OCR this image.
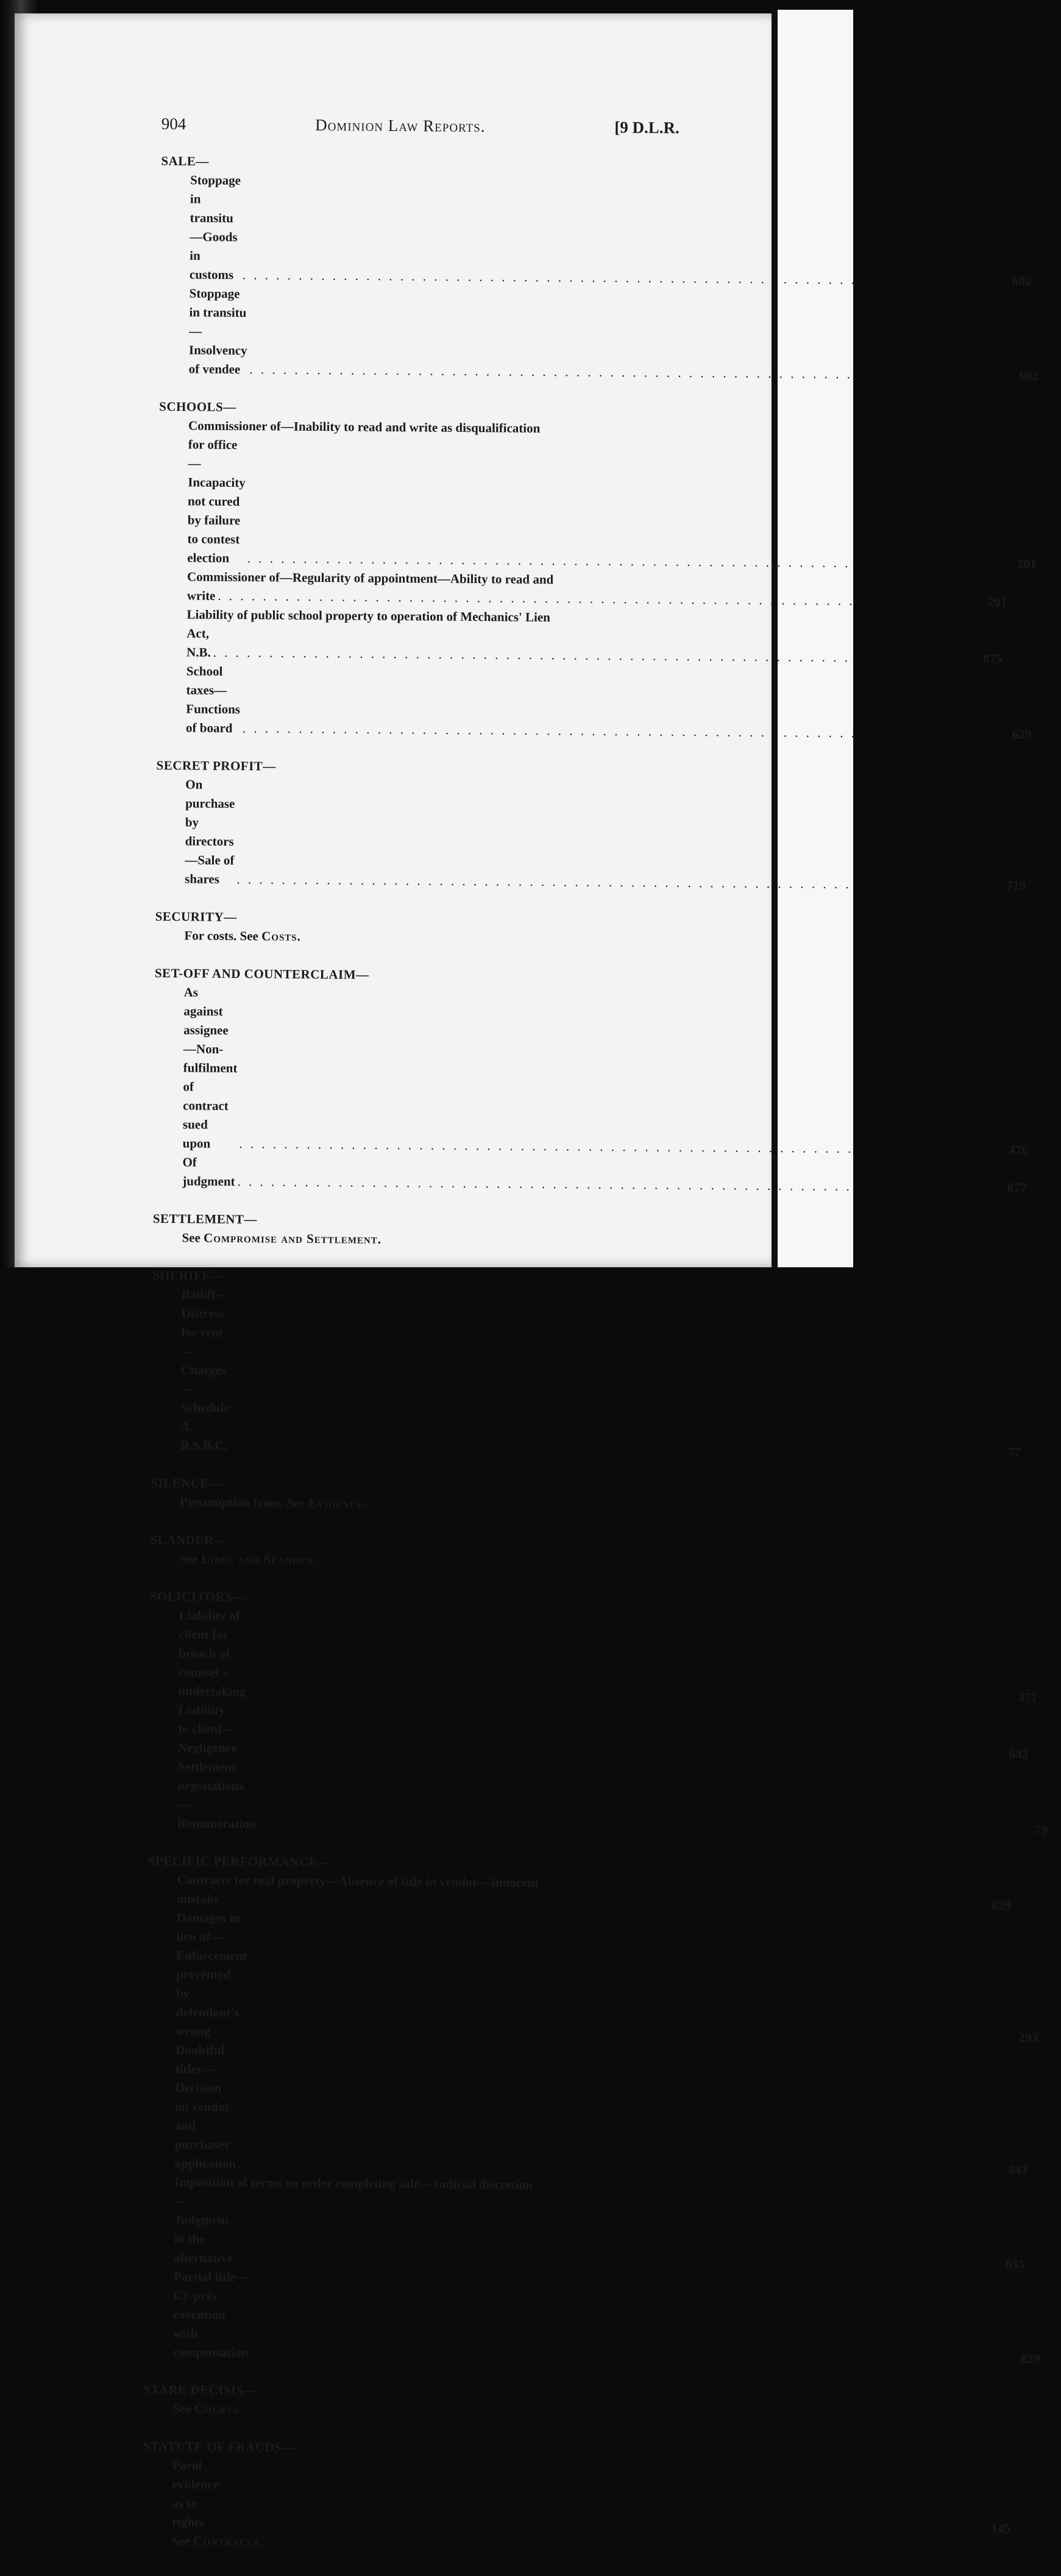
904	Dominion Law Reports.	[9 D.L.R.
SALE—
Stoppage in transitu—Goods in customs . . . . . . . . . . . . . . . . . . . . . . . . . . . . . . . . . . . . . . . . . . . . . . . . . . . . . . . . . . . . . . . . . . . . 602
Stoppage in transitu—Insolvency of vendee . . . . . . . . . . . . . . . . . . . . . . . . . . . . . . . . . . . . . . . . . . . . . . . . . . . . . . . . . . . . . . . . . . . . 602
SCHOOLS—
Commissioner of—Inability to read and write as disqualification
for office—Incapacity not cured by failure to contest election	. . . . . . . . . . . . . . . . . . . . . . . . . . . . . . . . . . . . . . . . . . . . . . . . . . . . . . . . . . . . . . . . . . . . 201
Commissioner of—Regularity of appointment—Ability to read and
write . . . . . . . . . . . . . . . . . . . . . . . . . . . . . . . . . . . . . . . . . . . . . . . . . . . . . . . . . . . . . . . . . . . . 201
Liability of public school property to operation of Mechanics' Lien
Act, N.B. . . . . . . . . . . . . . . . . . . . . . . . . . . . . . . . . . . . . . . . . . . . . . . . . . . . . . . . . . . . . . . . . . . . . 875
School taxes—Functions of board . . . . . . . . . . . . . . . . . . . . . . . . . . . . . . . . . . . . . . . . . . . . . . . . . . . . . . . . . . . . . . . . . . . . 629
SECRET PROFIT—
On purchase by directors—Sale of shares	. . . . . . . . . . . . . . . . . . . . . . . . . . . . . . . . . . . . . . . . . . . . . . . . . . . . . . . . . . . . . . . . . . . . 719
SECURITY—
For costs. See Costs.
SET-OFF AND COUNTERCLAIM—
As against assignee—Non-fulfilment of contract sued upon	. . . . . . . . . . . . . . . . . . . . . . . . . . . . . . . . . . . . . . . . . . . . . . . . . . . . . . . . . . . . . . . . . . . . 476
Of judgment . . . . . . . . . . . . . . . . . . . . . . . . . . . . . . . . . . . . . . . . . . . . . . . . . . . . . . . . . . . . . . . . . . . . 877
SETTLEMENT—
See Compromise and Settlement.
SHERIFF—
Bailiff—Distress for rent—Charges—Schedule A. R.S.B.C. . . . . . . . . . . . . . . . . . . . . . . . . . . . . . . . . . . . . . . . . . . . . . . . . . . . . . . . . . . . . . . . . . . . .	77
SILENCE—
Presumption from. See Evidence.
SLANDER—
See Libel and Slander.
SOLICITORS—
Liability of client for breach of counsel's undertaking . . . . . . . . . . . . . . . . . . . . . . . . . . . . . . . . . . . . . . . . . . . . . . . . . . . . . . . . . . . . . . . . . . . . 377
Liability to client—Negligence . . . . . . . . . . . . . . . . . . . . . . . . . . . . . . . . . . . . . . . . . . . . . . . . . . . . . . . . . . . . . . . . . . . . 642
Settlement negotiations—Remuneration . . . . . . . . . . . . . . . . . . . . . . . . . . . . . . . . . . . . . . . . . . . . . . . . . . . . . . . . . . . . . . . . . . . .	79
SPECIFIC PERFORMANCE—
Contracts for real property—Absence of title in vendor—Innocent
mistake . . . . . . . . . . . . . . . . . . . . . . . . . . . . . . . . . . . . . . . . . . . . . . . . . . . . . . . . . . . . . . . . . . . . 829
Damages in lieu of—Enforcement prevented by defendant's wrong	. . . . . . . . . . . . . . . . . . . . . . . . . . . . . . . . . . . . . . . . . . . . . . . . . . . . . . . . . . . . . . . . . . . . 293
Doubtful titles—Decision on vendor and purchaser application . . . . . . . . . . . . . . . . . . . . . . . . . . . . . . . . . . . . . . . . . . . . . . . . . . . . . . . . . . . . . . . . . . . . 843
Imposition of terms on order completing sale—Judicial discretion
—Judgment in the alternative . . . . . . . . . . . . . . . . . . . . . . . . . . . . . . . . . . . . . . . . . . . . . . . . . . . . . . . . . . . . . . . . . . . . 833
Partial title—Cy-près execution with compensation . . . . . . . . . . . . . . . . . . . . . . . . . . . . . . . . . . . . . . . . . . . . . . . . . . . . . . . . . . . . . . . . . . . . 829
STARE DECISIS—
See Courts.
STATUTE OF FRAUDS—
Parol evidence as to rights	. . . . . . . . . . . . . . . . . . . . . . . . . . . . . . . . . . . . . . . . . . . . . . . . . . . . . . . . . . . . . . . . . . . . 145
See Contracts.
